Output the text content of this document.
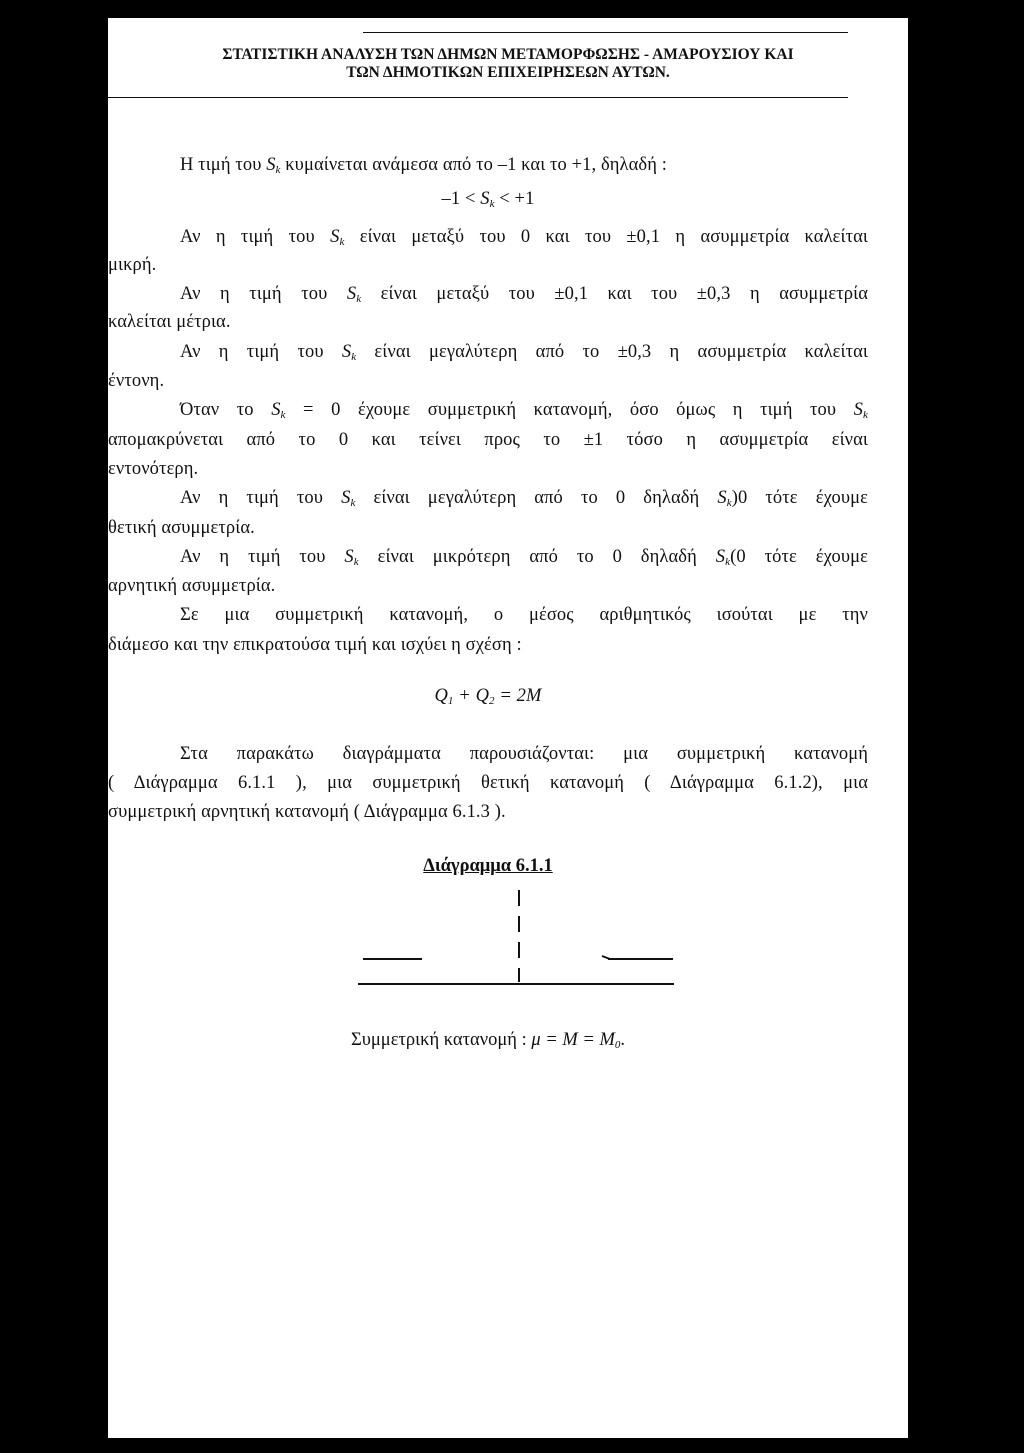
ΣΤΑΤΙΣΤΙΚΗ ΑΝΑΛΥΣΗ ΤΩΝ ΔΗΜΩΝ ΜΕΤΑΜΟΡΦΩΣΗΣ - ΑΜΑΡΟΥΣΙΟΥ ΚΑΙ
ΤΩΝ ΔΗΜΟΤΙΚΩΝ ΕΠΙΧΕΙΡΗΣΕΩΝ ΑΥΤΩΝ.
Η τιμή του $S_k$ κυμαίνεται ανάμεσα από το –1 και το +1, δηλαδή :
$-1 < S_k < +1$
Αν η τιμή του $S_k$ είναι μεταξύ του 0 και του ±0,1 η ασυμμετρία καλείται
μικρή.
Αν η τιμή του $S_k$ είναι μεταξύ του ±0,1 και του ±0,3 η ασυμμετρία
καλείται μέτρια.
Αν η τιμή του $S_k$ είναι μεγαλύτερη από το ±0,3 η ασυμμετρία καλείται
έντονη.
Όταν το $S_k = 0$ έχουμε συμμετρική κατανομή, όσο όμως η τιμή του $S_k$
απομακρύνεται από το 0 και τείνει προς το ±1 τόσο η ασυμμετρία είναι
εντονότερη.
Αν η τιμή του $S_k$ είναι μεγαλύτερη από το 0 δηλαδή $S_k)0$ τότε έχουμε
θετική ασυμμετρία.
Αν η τιμή του $S_k$ είναι μικρότερη από το 0 δηλαδή $S_k(0$ τότε έχουμε
αρνητική ασυμμετρία.
Σε μια συμμετρική κατανομή, ο μέσος αριθμητικός ισούται με την
διάμεσο και την επικρατούσα τιμή και ισχύει η σχέση :
$Q_1 + Q_2 = 2M$
Στα παρακάτω διαγράμματα παρουσιάζονται: μια συμμετρική κατανομή
( Διάγραμμα 6.1.1 ), μια συμμετρική θετική κατανομή ( Διάγραμμα 6.1.2), μια
συμμετρική αρνητική κατανομή ( Διάγραμμα 6.1.3 ).
Διάγραμμα 6.1.1
Συμμετρική κατανομή : $\mu = M = M_0$.
